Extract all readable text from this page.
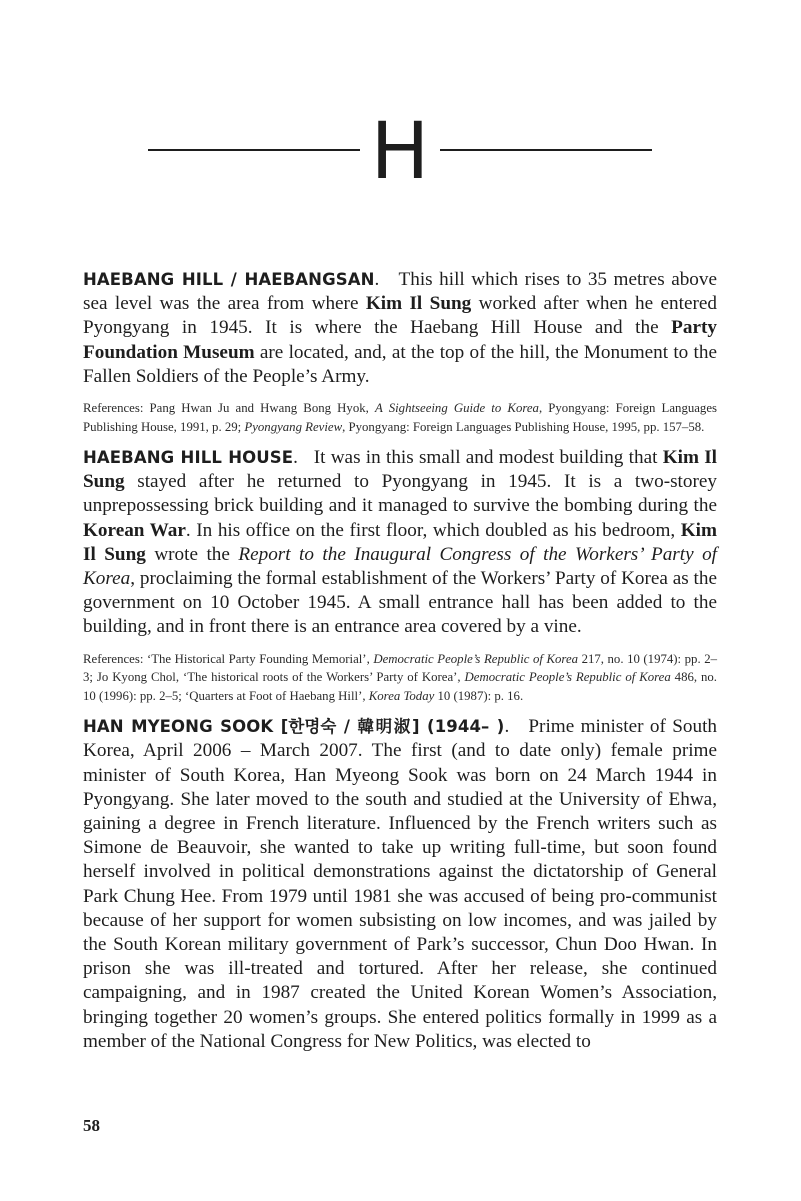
H

HAEBANG HILL / HAEBANGSAN.   This hill which rises to 35 metres above sea level was the area from where Kim Il Sung worked after when he entered Pyongyang in 1945. It is where the Haebang Hill House and the Party Foundation Museum are located, and, at the top of the hill, the Monument to the Fallen Soldiers of the People’s Army.

References: Pang Hwan Ju and Hwang Bong Hyok, A Sightseeing Guide to Korea, Pyongyang: Foreign Languages Publishing House, 1991, p. 29; Pyongyang Review, Pyongyang: Foreign Languages Publishing House, 1995, pp. 157–58.

HAEBANG HILL HOUSE.   It was in this small and modest building that Kim Il Sung stayed after he returned to Pyongyang in 1945. It is a two-storey unprepossessing brick building and it managed to survive the bombing during the Korean War. In his office on the first floor, which doubled as his bedroom, Kim Il Sung wrote the Report to the Inaugural Congress of the Workers’ Party of Korea, proclaiming the formal establishment of the Workers’ Party of Korea as the government on 10 October 1945. A small entrance hall has been added to the building, and in front there is an entrance area covered by a vine.

References: ‘The Historical Party Founding Memorial’, Democratic People’s Republic of Korea 217, no. 10 (1974): pp. 2–3; Jo Kyong Chol, ‘The historical roots of the Workers’ Party of Korea’, Democratic People’s Republic of Korea 486, no. 10 (1996): pp. 2–5; ‘Quarters at Foot of Haebang Hill’, Korea Today 10 (1987): p. 16.

HAN MYEONG SOOK [한명숙 / 韓明淑] (1944– ).   Prime minister of South Korea, April 2006 – March 2007. The first (and to date only) female prime minister of South Korea, Han Myeong Sook was born on 24 March 1944 in Pyongyang. She later moved to the south and studied at the University of Ehwa, gaining a degree in French literature. Influenced by the French writers such as Simone de Beauvoir, she wanted to take up writing full-time, but soon found herself involved in political demonstrations against the dictatorship of General Park Chung Hee. From 1979 until 1981 she was accused of being pro-communist because of her support for women subsisting on low incomes, and was jailed by the South Korean military government of Park’s successor, Chun Doo Hwan. In prison she was ill-treated and tortured. After her release, she continued campaigning, and in 1987 created the United Korean Women’s Association, bringing together 20 women’s groups. She entered politics formally in 1999 as a member of the National Congress for New Politics, was elected to

58
